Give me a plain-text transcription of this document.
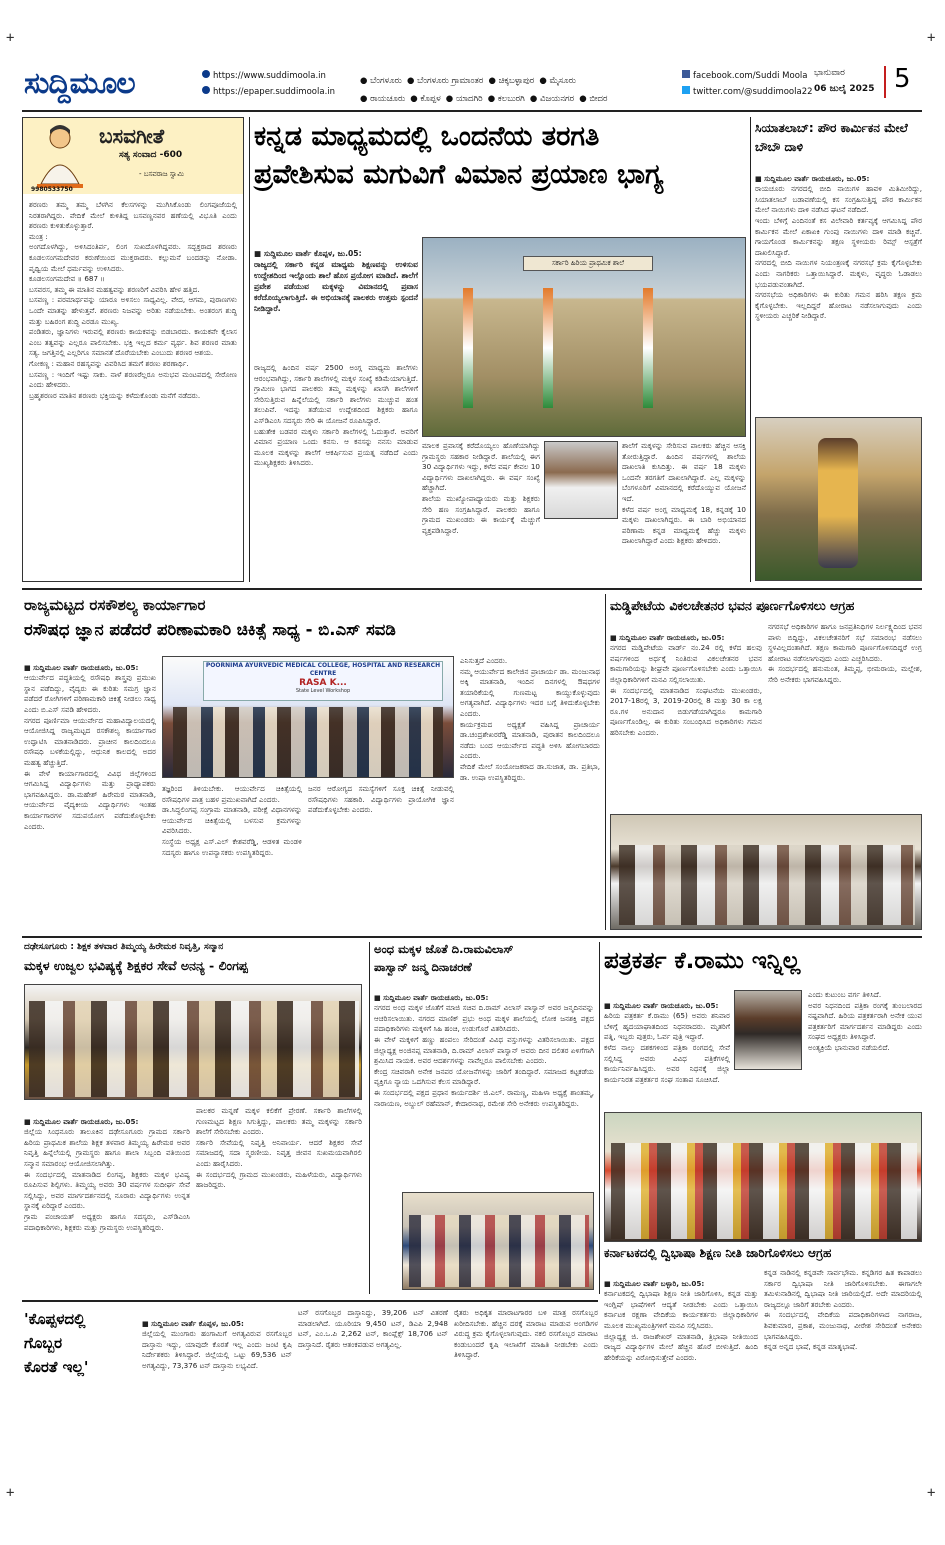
+	+
+	+
ಸುದ್ದಿಮೂಲ	https://www.suddimoola.in
https://epaper.suddimoola.in
● ಬೆಂಗಳೂರು ● ಬೆಂಗಳೂರು ಗ್ರಾಮಾಂತರ ● ಚಿಕ್ಕಬಳ್ಳಾಪುರ ● ಮೈಸೂರು
● ರಾಯಚೂರು ● ಕೊಪ್ಪಳ ● ಯಾದಗಿರಿ ● ಕಲಬುರಗಿ ● ವಿಜಯನಗರ ● ಬೀದರ
facebook.com/Suddi Moola
twitter.com/@suddimoola22
ಭಾನುವಾರ
06 ಜುಲೈ 2025 5
ಬಸವಗೀತೆ
ಸತ್ಯ ಸಂವಾದ -600
- ಬಸವರಾಜ ಸ್ವಾಮಿ
9980533750
ಶರಣರು ತಮ್ಮ ತಮ್ಮ ಬೆಳಗಿನ ಕೆಲಸಗಳನ್ನು ಮುಗಿಸಿಕೊಂಡು ಲಿಂಗಪೂಜೆಯಲ್ಲಿ ನಿರತರಾಗಿದ್ದರು. ವೇದಿಕೆ ಮೇಲೆ ಕುಳಿತಿದ್ದ ಬಸವಣ್ಣನವರ ಹಣೆಯಲ್ಲಿ ವಿಭೂತಿ ಎಂದು ಶರಣರು ಕುಳಿತುಕೊಳ್ಳುತ್ತಾರೆ.
ಮಂತ್ರ :
ಅಂಗದೊಳಗಿದ್ದು, ಅಳಿಸಿದಂತಿರ್ಪ, ಲಿಂಗ ಸುಖದೊಳಗಿದ್ದವರು. ಸದ್ಭಕ್ತರಾದ ಶರಣರು ಕೂಡಲಸಂಗಮದೇವರ ಕರುಣೆಯಿಂದ ಮುಕ್ತರಾದರು. ಕಲ್ಲುಮನೆ ಬಂದಡನ್ನು ನೋಡಾ. ಪೃಥ್ವಿಯ ಮೇಲೆ ಧರ್ಮವನ್ನು ಉಳಿಸಿದರು.
ಕೂಡಲಸಂಗಮದೇವ ॥ 687 ॥
ಬಸವರಸ, ತಮ್ಮ ಈ ಮಾತಿನ ಮಹತ್ವವನ್ನು ಶರಣರಿಗೆ ವಿವರಿಸಿ ಹೇಳ ಹತ್ತಿದ.
ಬಸವಣ್ಣ : ಪರಮಾರ್ಥವನ್ನು ಯಾರೂ ಅಳಿಸಲು ಸಾಧ್ಯವಿಲ್ಲ. ವೇದ, ಆಗಮ, ಪುರಾಣಗಳು ಒಂದೇ ಮಾತನ್ನು ಹೇಳುತ್ತವೆ. ಶರಣರು ನಿಜವನ್ನು ಅರಿತು ನಡೆಯಬೇಕು. ಅಂತರಂಗ ಶುದ್ಧಿ ಮತ್ತು ಬಹಿರಂಗ ಶುದ್ಧಿ ಎರಡೂ ಮುಖ್ಯ.
ಪಂಡಿತರು, ಜ್ಞಾನಿಗಳು ಇರುವಲ್ಲಿ ಶರಣರು ಕಾಯಕವನ್ನು ಬಿಡಬಾರದು. ಕಾಯಕವೇ ಕೈಲಾಸ ಎಂಬ ತತ್ವವನ್ನು ಎಲ್ಲರೂ ಪಾಲಿಸಬೇಕು. ಭಕ್ತಿ ಇಲ್ಲದ ಕರ್ಮ ವ್ಯರ್ಥ. ಶಿವ ಶರಣರ ಮಾತು ಸತ್ಯ. ಜಗತ್ತಿನಲ್ಲಿ ಎಲ್ಲರಿಗೂ ಸಮಾನತೆ ದೊರೆಯಬೇಕು ಎಂಬುದು ಶರಣರ ಆಶಯ.
ಗೋಕಣ್ಣ : ಮಹಾನ ರಹಸ್ಯವನ್ನು ವಿವರಿಸಿದ ತಮಗೆ ಶರಣು ಶರಣಾರ್ಥಿ.
ಬಸವಣ್ಣ : ಇಂದಿಗೆ ಇಷ್ಟು ಸಾಕು. ನಾಳೆ ಶರಣರೆಲ್ಲರೂ ಅನುಭವ ಮಂಟಪದಲ್ಲಿ ಸೇರೋಣ ಎಂದು ಹೇಳಿದರು.
ಬ್ರಹ್ಮಶರಣರ ಮಾತಿನ ಶರಣರು ಭಕ್ತಿಯನ್ನು ಕಳೆದುಕೊಂಡು ಮನೆಗೆ ನಡೆದರು.
ಕನ್ನಡ ಮಾಧ್ಯಮದಲ್ಲಿ ಒಂದನೆಯ ತರಗತಿ
ಪ್ರವೇಶಿಸುವ ಮಗುವಿಗೆ ವಿಮಾನ ಪ್ರಯಾಣ ಭಾಗ್ಯ

■ ಸುದ್ದಿಮೂಲ ವಾರ್ತೆ ಕೊಪ್ಪಳ, ಜು.05:
ರಾಜ್ಯದಲ್ಲಿ ಸರ್ಕಾರಿ ಕನ್ನಡ ಮಾಧ್ಯಮ ಶಿಕ್ಷಣವನ್ನು ಉಳಿಸುವ ಉದ್ದೇಶದಿಂದ ಇಲ್ಲೊಂದು ಶಾಲೆ ಹೊಸ ಪ್ರಯೋಗ ಮಾಡಿದೆ. ಶಾಲೆಗೆ ಪ್ರವೇಶ ಪಡೆಯುವ ಮಕ್ಕಳನ್ನು ವಿಮಾನದಲ್ಲಿ ಪ್ರವಾಸ ಕರೆದೊಯ್ಯಲಾಗುತ್ತಿದೆ. ಈ ಅಭಿಯಾನಕ್ಕೆ ಪಾಲಕರು ಉತ್ತಮ ಸ್ಪಂದನೆ ನೀಡಿದ್ದಾರೆ.

ಸರ್ಕಾರಿ ಹಿರಿಯ ಪ್ರಾಥಮಿಕ ಶಾಲೆ
ರಾಜ್ಯದಲ್ಲಿ ಹಿಂದಿನ ವರ್ಷ 2500 ಅಂಗ್ಲ ಮಾಧ್ಯಮ ಶಾಲೆಗಳು ಆರಂಭವಾಗಿದ್ದು, ಸರ್ಕಾರಿ ಶಾಲೆಗಳಲ್ಲಿ ಮಕ್ಕಳ ಸಂಖ್ಯೆ ಕಡಿಮೆಯಾಗುತ್ತಿದೆ. ಗ್ರಾಮೀಣ ಭಾಗದ ಪಾಲಕರು ತಮ್ಮ ಮಕ್ಕಳನ್ನು ಖಾಸಗಿ ಶಾಲೆಗಳಿಗೆ ಸೇರಿಸುತ್ತಿರುವ ಹಿನ್ನೆಲೆಯಲ್ಲಿ ಸರ್ಕಾರಿ ಶಾಲೆಗಳು ಮುಚ್ಚುವ ಹಂತ ತಲುಪಿವೆ. ಇದನ್ನು ತಡೆಯುವ ಉದ್ದೇಶದಿಂದ ಶಿಕ್ಷಕರು ಹಾಗೂ ಎಸ್‌ಡಿಎಂಸಿ ಸದಸ್ಯರು ಸೇರಿ ಈ ಯೋಜನೆ ರೂಪಿಸಿದ್ದಾರೆ.
ಬಹುತೇಕ ಬಡವರ ಮಕ್ಕಳು ಸರ್ಕಾರಿ ಶಾಲೆಗಳಲ್ಲಿ ಓದುತ್ತಾರೆ. ಅವರಿಗೆ ವಿಮಾನ ಪ್ರಯಾಣ ಒಂದು ಕನಸು. ಆ ಕನಸನ್ನು ನನಸು ಮಾಡುವ ಮೂಲಕ ಮಕ್ಕಳನ್ನು ಶಾಲೆಗೆ ಆಕರ್ಷಿಸುವ ಪ್ರಯತ್ನ ನಡೆದಿದೆ ಎಂದು ಮುಖ್ಯಶಿಕ್ಷಕರು ತಿಳಿಸಿದರು.
ಮಾಲಕ ಪ್ರವಾಸಕ್ಕೆ ಕರೆದೊಯ್ಯಲು ಹೊಣೆಯಾಗಿದ್ದು ಗ್ರಾಮಸ್ಥರು ಸಹಕಾರ ನೀಡಿದ್ದಾರೆ. ಶಾಲೆಯಲ್ಲಿ ಈಗ 30 ವಿದ್ಯಾರ್ಥಿಗಳು ಇದ್ದು, ಕಳೆದ ವರ್ಷ ಕೇವಲ 10 ವಿದ್ಯಾರ್ಥಿಗಳು ದಾಖಲಾಗಿದ್ದರು. ಈ ವರ್ಷ ಸಂಖ್ಯೆ ಹೆಚ್ಚಾಗಿದೆ.
ಶಾಲೆಯ ಮುಖ್ಯೋಪಾಧ್ಯಾಯರು ಮತ್ತು ಶಿಕ್ಷಕರು ಸೇರಿ ಹಣ ಸಂಗ್ರಹಿಸಿದ್ದಾರೆ. ಪಾಲಕರು ಹಾಗೂ ಗ್ರಾಮದ ಮುಖಂಡರು ಈ ಕಾರ್ಯಕ್ಕೆ ಮೆಚ್ಚುಗೆ ವ್ಯಕ್ತಪಡಿಸಿದ್ದಾರೆ.
ಶಾಲೆಗೆ ಮಕ್ಕಳನ್ನು ಸೇರಿಸುವ ಪಾಲಕರು ಹೆಚ್ಚಿನ ಆಸಕ್ತಿ ತೋರುತ್ತಿದ್ದಾರೆ. ಹಿಂದಿನ ವರ್ಷಗಳಲ್ಲಿ ಶಾಲೆಯ ದಾಖಲಾತಿ ಕುಸಿದಿತ್ತು. ಈ ವರ್ಷ 18 ಮಕ್ಕಳು ಒಂದನೇ ತರಗತಿಗೆ ದಾಖಲಾಗಿದ್ದಾರೆ. ಎಲ್ಲ ಮಕ್ಕಳನ್ನು ಬೆಂಗಳೂರಿಗೆ ವಿಮಾನದಲ್ಲಿ ಕರೆದೊಯ್ಯುವ ಯೋಜನೆ ಇದೆ.
ಕಳೆದ ವರ್ಷ ಅಂಗ್ಲ ಮಾಧ್ಯಮಕ್ಕೆ 18, ಕನ್ನಡಕ್ಕೆ 10 ಮಕ್ಕಳು ದಾಖಲಾಗಿದ್ದರು. ಈ ಬಾರಿ ಅಭಿಯಾನದ ಪರಿಣಾಮ ಕನ್ನಡ ಮಾಧ್ಯಮಕ್ಕೆ ಹೆಚ್ಚು ಮಕ್ಕಳು ದಾಖಲಾಗಿದ್ದಾರೆ ಎಂದು ಶಿಕ್ಷಕರು ಹೇಳಿದರು.
ಸಿಯಾತಲಾಬ್: ಪೌರ ಕಾರ್ಮಿಕನ ಮೇಲೆ ಬೌಬೌ ದಾಳಿ

■ ಸುದ್ದಿಮೂಲ ವಾರ್ತೆ ರಾಯಚೂರು, ಜು.05:
ರಾಯಚೂರು ನಗರದಲ್ಲಿ ಬೀದಿ ನಾಯಿಗಳ ಹಾವಳಿ ಮಿತಿಮೀರಿದ್ದು, ಸಿಯಾತಲಾಬ್ ಬಡಾವಣೆಯಲ್ಲಿ ಕಸ ಸಂಗ್ರಹಿಸುತ್ತಿದ್ದ ಪೌರ ಕಾರ್ಮಿಕನ ಮೇಲೆ ನಾಯಿಗಳು ದಾಳಿ ನಡೆಸಿದ ಘಟನೆ ನಡೆದಿದೆ.
ಇಂದು ಬೆಳಿಗ್ಗೆ ಎಂದಿನಂತೆ ಕಸ ವಿಲೇವಾರಿ ಕರ್ತವ್ಯಕ್ಕೆ ಆಗಮಿಸಿದ್ದ ಪೌರ ಕಾರ್ಮಿಕನ ಮೇಲೆ ಏಕಾಏಕಿ ಗುಂಪು ನಾಯಿಗಳು ದಾಳಿ ಮಾಡಿ ಕಚ್ಚಿವೆ. ಗಾಯಗೊಂಡ ಕಾರ್ಮಿಕನನ್ನು ತಕ್ಷಣ ಸ್ಥಳೀಯರು ರಿಮ್ಸ್ ಆಸ್ಪತ್ರೆಗೆ ದಾಖಲಿಸಿದ್ದಾರೆ.
ನಗರದಲ್ಲಿ ಬೀದಿ ನಾಯಿಗಳ ನಿಯಂತ್ರಣಕ್ಕೆ ನಗರಸಭೆ ಕ್ರಮ ಕೈಗೊಳ್ಳಬೇಕು ಎಂದು ನಾಗರಿಕರು ಒತ್ತಾಯಿಸಿದ್ದಾರೆ. ಮಕ್ಕಳು, ವೃದ್ಧರು ಓಡಾಡಲು ಭಯಪಡುವಂತಾಗಿದೆ.
ನಗರಸಭೆಯ ಅಧಿಕಾರಿಗಳು ಈ ಕುರಿತು ಗಮನ ಹರಿಸಿ ತಕ್ಷಣ ಕ್ರಮ ಕೈಗೊಳ್ಳಬೇಕು. ಇಲ್ಲದಿದ್ದರೆ ಹೋರಾಟ ನಡೆಸಲಾಗುವುದು ಎಂದು ಸ್ಥಳೀಯರು ಎಚ್ಚರಿಕೆ ನೀಡಿದ್ದಾರೆ.

ರಾಜ್ಯಮಟ್ಟದ ರಸಕೌಶಲ್ಯ ಕಾರ್ಯಾಗಾರ
ರಸೌಷಧ ಜ್ಞಾನ ಪಡೆದರೆ ಪರಿಣಾಮಕಾರಿ ಚಿಕಿತ್ಸೆ ಸಾಧ್ಯ - ಬಿ.ಎಸ್ ಸವಡಿ

■ ಸುದ್ದಿಮೂಲ ವಾರ್ತೆ ರಾಯಚೂರು, ಜು.05:
ಆಯುರ್ವೇದ ಪದ್ಧತಿಯಲ್ಲಿ ರಸೌಷಧಿ ಶಾಸ್ತ್ರವು ಪ್ರಮುಖ ಸ್ಥಾನ ಪಡೆದಿದ್ದು, ವೈದ್ಯರು ಈ ಕುರಿತು ಸಮಗ್ರ ಜ್ಞಾನ ಪಡೆದರೆ ರೋಗಿಗಳಿಗೆ ಪರಿಣಾಮಕಾರಿ ಚಿಕಿತ್ಸೆ ನೀಡಲು ಸಾಧ್ಯ ಎಂದು ಬಿ.ಎಸ್ ಸವಡಿ ಹೇಳಿದರು.
ನಗರದ ಪೂರ್ಣಿಮಾ ಆಯುರ್ವೇದ ಮಹಾವಿದ್ಯಾಲಯದಲ್ಲಿ ಆಯೋಜಿಸಿದ್ದ ರಾಜ್ಯಮಟ್ಟದ ರಸಕೌಶಲ್ಯ ಕಾರ್ಯಾಗಾರ ಉದ್ಘಾಟಿಸಿ ಮಾತನಾಡಿದರು. ಪ್ರಾಚೀನ ಕಾಲದಿಂದಲೂ ರಸೌಷಧಿ ಬಳಕೆಯಲ್ಲಿದ್ದು, ಆಧುನಿಕ ಕಾಲದಲ್ಲಿ ಅದರ ಮಹತ್ವ ಹೆಚ್ಚುತ್ತಿದೆ.
ಈ ವೇಳೆ ಕಾರ್ಯಾಗಾರದಲ್ಲಿ ವಿವಿಧ ಜಿಲ್ಲೆಗಳಿಂದ ಆಗಮಿಸಿದ್ದ ವಿದ್ಯಾರ್ಥಿಗಳು ಮತ್ತು ಪ್ರಾಧ್ಯಾಪಕರು ಭಾಗವಹಿಸಿದ್ದರು. ಡಾ.ಮಹೇಶ್ ಹಿರೇಮಠ ಮಾತನಾಡಿ, ಆಯುರ್ವೇದ ವೈದ್ಯಕೀಯ ವಿದ್ಯಾರ್ಥಿಗಳು ಇಂತಹ ಕಾರ್ಯಾಗಾರಗಳ ಸದುಪಯೋಗ ಪಡೆದುಕೊಳ್ಳಬೇಕು ಎಂದರು.

POORNIMA AYURVEDIC MEDICAL COLLEGE, HOSPITAL AND RESEARCH CENTRE
RASA K...
State Level Workshop
ತಜ್ಞರಿಂದ ತಿಳಿಯಬೇಕು. ಆಯುರ್ವೇದ ಚಿಕಿತ್ಸೆಯಲ್ಲಿ ರಸೌಷಧಿಗಳ ಪಾತ್ರ ಬಹಳ ಪ್ರಮುಖವಾಗಿದೆ ಎಂದರು.
ಡಾ.ಸಿದ್ಧಲಿಂಗಪ್ಪ ಸಂಗ್ರಾಮ ಮಾತನಾಡಿ, ಪರೀಕ್ಷೆ ವಿಧಾನಗಳನ್ನು ಆಯುರ್ವೇದ ಚಿಕಿತ್ಸೆಯಲ್ಲಿ ಬಳಸುವ ಕ್ರಮಗಳನ್ನು ವಿವರಿಸಿದರು.
ಸಂಸ್ಥೆಯ ಅಧ್ಯಕ್ಷ ಎಸ್.ಎಲ್ ಕೇಶವರೆಡ್ಡಿ, ಆಡಳಿತ ಮಂಡಳಿ ಸದಸ್ಯರು ಹಾಗೂ ಉಪನ್ಯಾಸಕರು ಉಪಸ್ಥಿತರಿದ್ದರು.
ಜನರ ಆರೋಗ್ಯದ ಸಮಸ್ಯೆಗಳಿಗೆ ಸೂಕ್ತ ಚಿಕಿತ್ಸೆ ನೀಡುವಲ್ಲಿ ರಸೌಷಧಿಗಳು ಸಹಕಾರಿ. ವಿದ್ಯಾರ್ಥಿಗಳು ಪ್ರಾಯೋಗಿಕ ಜ್ಞಾನ ಪಡೆದುಕೊಳ್ಳಬೇಕು ಎಂದರು.
ಎನಿಸುತ್ತದೆ ಎಂದರು.
ನಮ್ಮ ಆಯುರ್ವೇದ ಕಾಲೇಜಿನ ಪ್ರಾಚಾರ್ಯ ಡಾ. ಮಂಜುನಾಥ ಅಕ್ಕಿ ಮಾತನಾಡಿ, ಇಂದಿನ ದಿನಗಳಲ್ಲಿ ಔಷಧಗಳ ತಯಾರಿಕೆಯಲ್ಲಿ ಗುಣಮಟ್ಟ ಕಾಯ್ದುಕೊಳ್ಳುವುದು ಅಗತ್ಯವಾಗಿದೆ. ವಿದ್ಯಾರ್ಥಿಗಳು ಇದರ ಬಗ್ಗೆ ತಿಳಿದುಕೊಳ್ಳಬೇಕು ಎಂದರು.
ಕಾರ್ಯಕ್ರಮದ ಅಧ್ಯಕ್ಷತೆ ವಹಿಸಿದ್ದ ಪ್ರಾಚಾರ್ಯ ಡಾ.ಚಂದ್ರಶೇಖರರೆಡ್ಡಿ ಮಾತನಾಡಿ, ಪುರಾತನ ಕಾಲದಿಂದಲೂ ನಡೆದು ಬಂದ ಆಯುರ್ವೇದ ಪದ್ಧತಿ ಅಳಿಸಿ ಹೋಗಬಾರದು ಎಂದರು.
ವೇದಿಕೆ ಮೇಲೆ ಸಂಯೋಜಕರಾದ ಡಾ.ಸುಜಾತ, ಡಾ. ಪ್ರತಿಭಾ, ಡಾ. ಉಷಾ ಉಪಸ್ಥಿತರಿದ್ದರು.
ಮಡ್ಡಿಪೇಟೆಯ ವಿಕಲಚೇತನರ ಭವನ ಪೂರ್ಣಗೊಳಿಸಲು ಆಗ್ರಹ

■ ಸುದ್ದಿಮೂಲ ವಾರ್ತೆ ರಾಯಚೂರು, ಜು.05:
ನಗರದ ಮಡ್ಡಿಪೇಟೆಯ ವಾರ್ಡ್ ನಂ.24 ರಲ್ಲಿ ಕಳೆದ ಹಲವು ವರ್ಷಗಳಿಂದ ಅರ್ಧಕ್ಕೆ ನಿಂತಿರುವ ವಿಕಲಚೇತನರ ಭವನ ಕಾಮಗಾರಿಯನ್ನು ಶೀಘ್ರವೇ ಪೂರ್ಣಗೊಳಿಸಬೇಕು ಎಂದು ಒತ್ತಾಯಿಸಿ ಜಿಲ್ಲಾಧಿಕಾರಿಗಳಿಗೆ ಮನವಿ ಸಲ್ಲಿಸಲಾಯಿತು.
ಈ ಸಂದರ್ಭದಲ್ಲಿ ಮಾತನಾಡಿದ ಸಂಘಟನೆಯ ಮುಖಂಡರು, 2017-18ರಲ್ಲಿ 3, 2019-20ರಲ್ಲಿ 8 ಮತ್ತು 30 ಕಾ ಲಕ್ಷ ರೂ.ಗಳ ಅನುದಾನ ಬಿಡುಗಡೆಯಾಗಿದ್ದರೂ ಕಾಮಗಾರಿ ಪೂರ್ಣಗೊಂಡಿಲ್ಲ. ಈ ಕುರಿತು ಸಂಬಂಧಿಸಿದ ಅಧಿಕಾರಿಗಳು ಗಮನ ಹರಿಸಬೇಕು ಎಂದರು.

ನಗರಸಭೆ ಅಧಿಕಾರಿಗಳ ಹಾಗೂ ಜನಪ್ರತಿನಿಧಿಗಳ ನಿರ್ಲಕ್ಷ್ಯದಿಂದ ಭವನ ಪಾಳು ಬಿದ್ದಿದ್ದು, ವಿಕಲಚೇತನರಿಗೆ ಸಭೆ ಸಮಾರಂಭ ನಡೆಸಲು ಸ್ಥಳವಿಲ್ಲದಂತಾಗಿದೆ. ತಕ್ಷಣ ಕಾಮಗಾರಿ ಪೂರ್ಣಗೊಳಿಸದಿದ್ದರೆ ಉಗ್ರ ಹೋರಾಟ ನಡೆಸಲಾಗುವುದು ಎಂದು ಎಚ್ಚರಿಸಿದರು.
ಈ ಸಂದರ್ಭದಲ್ಲಿ ಹನುಮಂತ, ತಿಮ್ಮಪ್ಪ, ಭೀಮರಾಯ, ಮಲ್ಲೇಶ, ಸೇರಿ ಅನೇಕರು ಭಾಗವಹಿಸಿದ್ದರು.
ದಢೇಸೂಗೂರು : ಶಿಕ್ಷಕ ತಳವಾರ ತಿಮ್ಮಯ್ಯ ಹಿರೇಮಠ ನಿವೃತ್ತಿ, ಸನ್ಮಾನ
ಮಕ್ಕಳ ಉಜ್ವಲ ಭವಿಷ್ಯಕ್ಕೆ ಶಿಕ್ಷಕರ ಸೇವೆ ಅನನ್ಯ - ಲಿಂಗಪ್ಪ

■ ಸುದ್ದಿಮೂಲ ವಾರ್ತೆ ರಾಯಚೂರು, ಜು.05:
ಜಿಲ್ಲೆಯ ಸಿಂಧನೂರು ತಾಲೂಕಿನ ದಢೇಸೂಗೂರು ಗ್ರಾಮದ ಸರ್ಕಾರಿ ಹಿರಿಯ ಪ್ರಾಥಮಿಕ ಶಾಲೆಯ ಶಿಕ್ಷಕ ತಳವಾರ ತಿಮ್ಮಯ್ಯ ಹಿರೇಮಠ ಅವರ ನಿವೃತ್ತಿ ಹಿನ್ನೆಲೆಯಲ್ಲಿ ಗ್ರಾಮಸ್ಥರು ಹಾಗೂ ಶಾಲಾ ಸಿಬ್ಬಂದಿ ವತಿಯಿಂದ ಸನ್ಮಾನ ಸಮಾರಂಭ ಆಯೋಜಿಸಲಾಗಿತ್ತು.
ಈ ಸಂದರ್ಭದಲ್ಲಿ ಮಾತನಾಡಿದ ಲಿಂಗಪ್ಪ, ಶಿಕ್ಷಕರು ಮಕ್ಕಳ ಭವಿಷ್ಯ ರೂಪಿಸುವ ಶಿಲ್ಪಿಗಳು. ತಿಮ್ಮಯ್ಯ ಅವರು 30 ವರ್ಷಗಳ ಸುದೀರ್ಘ ಸೇವೆ ಸಲ್ಲಿಸಿದ್ದು, ಅವರ ಮಾರ್ಗದರ್ಶನದಲ್ಲಿ ನೂರಾರು ವಿದ್ಯಾರ್ಥಿಗಳು ಉನ್ನತ ಸ್ಥಾನಕ್ಕೆ ಏರಿದ್ದಾರೆ ಎಂದರು.
ಗ್ರಾಮ ಪಂಚಾಯತ್ ಅಧ್ಯಕ್ಷರು ಹಾಗೂ ಸದಸ್ಯರು, ಎಸ್‌ಡಿಎಂಸಿ ಪದಾಧಿಕಾರಿಗಳು, ಶಿಕ್ಷಕರು ಮತ್ತು ಗ್ರಾಮಸ್ಥರು ಉಪಸ್ಥಿತರಿದ್ದರು.

ಪಾಲಕರ ಮನ್ನಣೆ ಮಕ್ಕಳ ಕಲಿಕೆಗೆ ಪ್ರೇರಣೆ. ಸರ್ಕಾರಿ ಶಾಲೆಗಳಲ್ಲಿ ಗುಣಮಟ್ಟದ ಶಿಕ್ಷಣ ಸಿಗುತ್ತಿದ್ದು, ಪಾಲಕರು ತಮ್ಮ ಮಕ್ಕಳನ್ನು ಸರ್ಕಾರಿ ಶಾಲೆಗೆ ಸೇರಿಸಬೇಕು ಎಂದರು.
ಸರ್ಕಾರಿ ಸೇವೆಯಲ್ಲಿ ನಿವೃತ್ತಿ ಅನಿವಾರ್ಯ. ಆದರೆ ಶಿಕ್ಷಕರ ಸೇವೆ ಸಮಾಜದಲ್ಲಿ ಸದಾ ಸ್ಮರಣೀಯ. ನಿವೃತ್ತ ಜೀವನ ಸುಖಮಯವಾಗಿರಲಿ ಎಂದು ಹಾರೈಸಿದರು.
ಈ ಸಂದರ್ಭದಲ್ಲಿ ಗ್ರಾಮದ ಮುಖಂಡರು, ಮಹಿಳೆಯರು, ವಿದ್ಯಾರ್ಥಿಗಳು ಹಾಜರಿದ್ದರು.
ಅಂಧ ಮಕ್ಕಳ ಜೊತೆ ದಿ.ರಾಮವಿಲಾಸ್
ಪಾಸ್ವಾನ್ ಜನ್ಮ ದಿನಾಚರಣೆ

■ ಸುದ್ದಿಮೂಲ ವಾರ್ತೆ ರಾಯಚೂರು, ಜು.05:
ನಗರದ ಅಂಧ ಮಕ್ಕಳ ಜೊತೆಗೆ ಮಾಜಿ ಸಚಿವ ದಿ.ರಾಮ್ ವಿಲಾಸ್ ಪಾಸ್ವಾನ್ ಅವರ ಜನ್ಮದಿನವನ್ನು ಆಚರಿಸಲಾಯಿತು. ನಗರದ ಮಾಣಿಕ್ ಪ್ರಭು ಅಂಧ ಮಕ್ಕಳ ಶಾಲೆಯಲ್ಲಿ ಲೋಕ ಜನಶಕ್ತಿ ಪಕ್ಷದ ಪದಾಧಿಕಾರಿಗಳು ಮಕ್ಕಳಿಗೆ ಸಿಹಿ ಹಂಚಿ, ಉಡುಗೊರೆ ವಿತರಿಸಿದರು.
ಈ ವೇಳೆ ಮಕ್ಕಳಿಗೆ ಹಣ್ಣು ಹಂಪಲು ಸೇರಿದಂತೆ ವಿವಿಧ ವಸ್ತುಗಳನ್ನು ವಿತರಿಸಲಾಯಿತು. ಪಕ್ಷದ ಜಿಲ್ಲಾಧ್ಯಕ್ಷ ಅಂಜಿನಪ್ಪ ಮಾತನಾಡಿ, ದಿ.ರಾಮ್ ವಿಲಾಸ್ ಪಾಸ್ವಾನ್ ಅವರು ದೀನ ದಲಿತರ ಏಳಿಗೆಗಾಗಿ ಶ್ರಮಿಸಿದ ನಾಯಕ. ಅವರ ಆದರ್ಶಗಳನ್ನು ನಾವೆಲ್ಲರೂ ಪಾಲಿಸಬೇಕು ಎಂದರು.
ಕೇಂದ್ರ ಸಚಿವರಾಗಿ ಅನೇಕ ಜನಪರ ಯೋಜನೆಗಳನ್ನು ಜಾರಿಗೆ ತಂದಿದ್ದಾರೆ. ಸಮಾಜದ ಕಟ್ಟಕಡೆಯ ವ್ಯಕ್ತಿಗೂ ನ್ಯಾಯ ಒದಗಿಸುವ ಕೆಲಸ ಮಾಡಿದ್ದಾರೆ.
ಈ ಸಂದರ್ಭದಲ್ಲಿ ಪಕ್ಷದ ಪ್ರಧಾನ ಕಾರ್ಯದರ್ಶಿ ಜಿ.ಎಲ್. ರಾಮಣ್ಣ, ಮಹಿಳಾ ಅಧ್ಯಕ್ಷೆ ಶಾಂತಮ್ಮ, ನಾರಾಯಣ, ಅಬ್ದುಲ್ ರಹೆಮಾನ್, ಕೇದಾರನಾಥ, ರಮೇಶ ಸೇರಿ ಅನೇಕರು ಉಪಸ್ಥಿತರಿದ್ದರು.

ಪತ್ರಕರ್ತ ಕೆ.ರಾಮು ಇನ್ನಿಲ್ಲ

■ ಸುದ್ದಿಮೂಲ ವಾರ್ತೆ ರಾಯಚೂರು, ಜು.05:
ಹಿರಿಯ ಪತ್ರಕರ್ತ ಕೆ.ರಾಮು (65) ಅವರು ಶನಿವಾರ ಬೆಳಿಗ್ಗೆ ಹೃದಯಾಘಾತದಿಂದ ನಿಧನರಾದರು. ಮೃತರಿಗೆ ಪತ್ನಿ, ಇಬ್ಬರು ಪುತ್ರರು, ಓರ್ವ ಪುತ್ರಿ ಇದ್ದಾರೆ.
ಕಳೆದ ನಾಲ್ಕು ದಶಕಗಳಿಂದ ಪತ್ರಿಕಾ ರಂಗದಲ್ಲಿ ಸೇವೆ ಸಲ್ಲಿಸಿದ್ದ ಅವರು ವಿವಿಧ ಪತ್ರಿಕೆಗಳಲ್ಲಿ ಕಾರ್ಯನಿರ್ವಹಿಸಿದ್ದರು. ಅವರ ನಿಧನಕ್ಕೆ ಜಿಲ್ಲಾ ಕಾರ್ಯನಿರತ ಪತ್ರಕರ್ತರ ಸಂಘ ಸಂತಾಪ ಸೂಚಿಸಿದೆ.

ಎಂದು ಕುಟುಂಬ ವರ್ಗ ತಿಳಿಸಿದೆ.
ಅವರ ನಿಧನದಿಂದ ಪತ್ರಿಕಾ ರಂಗಕ್ಕೆ ತುಂಬಲಾರದ ನಷ್ಟವಾಗಿದೆ. ಹಿರಿಯ ಪತ್ರಕರ್ತರಾಗಿ ಅನೇಕ ಯುವ ಪತ್ರಕರ್ತರಿಗೆ ಮಾರ್ಗದರ್ಶನ ಮಾಡಿದ್ದರು ಎಂದು ಸಂಘದ ಅಧ್ಯಕ್ಷರು ತಿಳಿಸಿದ್ದಾರೆ.
ಅಂತ್ಯಕ್ರಿಯೆ ಭಾನುವಾರ ನಡೆಯಲಿದೆ.
ಕರ್ನಾಟಕದಲ್ಲಿ ದ್ವಿಭಾಷಾ ಶಿಕ್ಷಣ ನೀತಿ ಜಾರಿಗೊಳಿಸಲು ಆಗ್ರಹ

■ ಸುದ್ದಿಮೂಲ ವಾರ್ತೆ ಬಳ್ಳಾರಿ, ಜು.05:
ಕರ್ನಾಟಕದಲ್ಲಿ ದ್ವಿಭಾಷಾ ಶಿಕ್ಷಣ ನೀತಿ ಜಾರಿಗೊಳಿಸಿ, ಕನ್ನಡ ಮತ್ತು ಇಂಗ್ಲಿಷ್ ಭಾಷೆಗಳಿಗೆ ಆದ್ಯತೆ ನೀಡಬೇಕು ಎಂದು ಒತ್ತಾಯಿಸಿ ಕರ್ನಾಟಕ ರಕ್ಷಣಾ ವೇದಿಕೆಯ ಕಾರ್ಯಕರ್ತರು ಜಿಲ್ಲಾಧಿಕಾರಿಗಳ ಮೂಲಕ ಮುಖ್ಯಮಂತ್ರಿಗಳಿಗೆ ಮನವಿ ಸಲ್ಲಿಸಿದರು.
ಜಿಲ್ಲಾಧ್ಯಕ್ಷ ಜಿ. ರಾಜಶೇಖರ್ ಮಾತನಾಡಿ, ತ್ರಿಭಾಷಾ ನೀತಿಯಿಂದ ರಾಜ್ಯದ ವಿದ್ಯಾರ್ಥಿಗಳ ಮೇಲೆ ಹೆಚ್ಚಿನ ಹೊರೆ ಬೀಳುತ್ತಿದೆ. ಹಿಂದಿ ಹೇರಿಕೆಯನ್ನು ವಿರೋಧಿಸುತ್ತೇವೆ ಎಂದರು.

ಕನ್ನಡ ನಾಡಿನಲ್ಲಿ ಕನ್ನಡವೇ ಸಾರ್ವಭೌಮ. ಕನ್ನಡಿಗರ ಹಿತ ಕಾಪಾಡಲು ಸರ್ಕಾರ ದ್ವಿಭಾಷಾ ನೀತಿ ಜಾರಿಗೊಳಿಸಬೇಕು. ಈಗಾಗಲೇ ತಮಿಳುನಾಡಿನಲ್ಲಿ ದ್ವಿಭಾಷಾ ನೀತಿ ಜಾರಿಯಲ್ಲಿದೆ. ಅದೇ ಮಾದರಿಯಲ್ಲಿ ರಾಜ್ಯದಲ್ಲೂ ಜಾರಿಗೆ ತರಬೇಕು ಎಂದರು.
ಈ ಸಂದರ್ಭದಲ್ಲಿ ವೇದಿಕೆಯ ಪದಾಧಿಕಾರಿಗಳಾದ ನಾಗರಾಜ, ಶಿವಕುಮಾರ, ಪ್ರಕಾಶ, ಮಂಜುನಾಥ, ವೀರೇಶ ಸೇರಿದಂತೆ ಅನೇಕರು ಭಾಗವಹಿಸಿದ್ದರು.
ಕನ್ನಡ ಅನ್ನದ ಭಾಷೆ, ಕನ್ನಡ ಮಾತೃಭಾಷೆ.
'ಕೊಪ್ಪಳದಲ್ಲಿ
ಗೊಬ್ಬರ
ಕೊರತೆ ಇಲ್ಲ'

■ ಸುದ್ದಿಮೂಲ ವಾರ್ತೆ ಕೊಪ್ಪಳ, ಜು.05:
ಜಿಲ್ಲೆಯಲ್ಲಿ ಮುಂಗಾರು ಹಂಗಾಮಿಗೆ ಅಗತ್ಯವಿರುವ ರಸಗೊಬ್ಬರ ದಾಸ್ತಾನು ಇದ್ದು, ಯಾವುದೇ ಕೊರತೆ ಇಲ್ಲ ಎಂದು ಜಂಟಿ ಕೃಷಿ ನಿರ್ದೇಶಕರು ತಿಳಿಸಿದ್ದಾರೆ. ಜಿಲ್ಲೆಯಲ್ಲಿ ಒಟ್ಟು 69,536 ಟನ್ ಅಗತ್ಯವಿದ್ದು, 73,376 ಟನ್ ದಾಸ್ತಾನು ಲಭ್ಯವಿದೆ.

ಟನ್ ರಸಗೊಬ್ಬರ ದಾಸ್ತಾನಿದ್ದು, 39,206 ಟನ್ ವಿತರಣೆ ಮಾಡಲಾಗಿದೆ. ಯೂರಿಯಾ 9,450 ಟನ್, ಡಿಎಪಿ 2,948 ಟನ್, ಎಂ.ಒ.ಪಿ 2,262 ಟನ್, ಕಾಂಪ್ಲೆಕ್ಸ್ 18,706 ಟನ್ ದಾಸ್ತಾನಿದೆ. ರೈತರು ಆತಂಕಪಡುವ ಅಗತ್ಯವಿಲ್ಲ.
ರೈತರು ಅಧಿಕೃತ ಮಾರಾಟಗಾರರ ಬಳಿ ಮಾತ್ರ ರಸಗೊಬ್ಬರ ಖರೀದಿಸಬೇಕು. ಹೆಚ್ಚಿನ ದರಕ್ಕೆ ಮಾರಾಟ ಮಾಡುವ ಅಂಗಡಿಗಳ ವಿರುದ್ಧ ಕ್ರಮ ಕೈಗೊಳ್ಳಲಾಗುವುದು. ನಕಲಿ ರಸಗೊಬ್ಬರ ಮಾರಾಟ ಕಂಡುಬಂದರೆ ಕೃಷಿ ಇಲಾಖೆಗೆ ಮಾಹಿತಿ ನೀಡಬೇಕು ಎಂದು ತಿಳಿಸಿದ್ದಾರೆ.
